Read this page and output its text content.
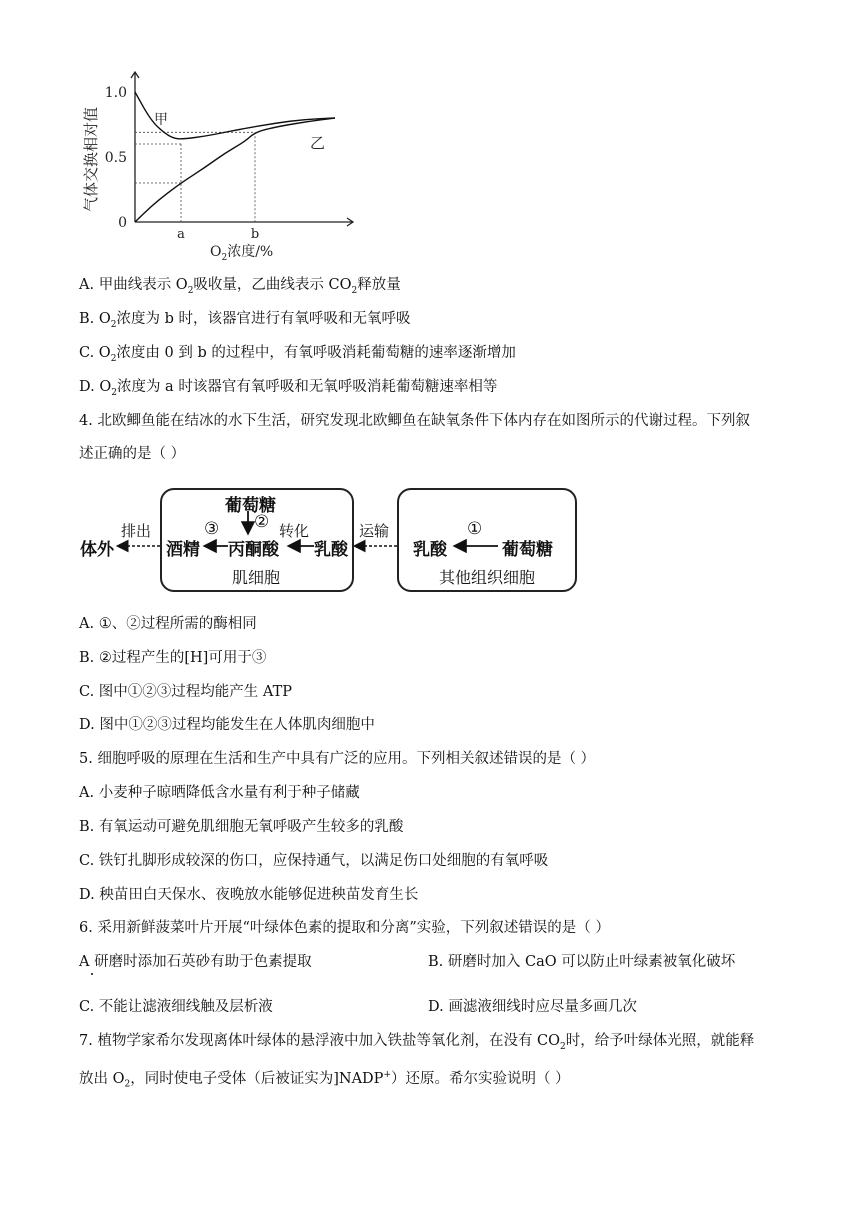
0
0.5
1.0
甲
乙
a	b
$O_2$浓度/%
气体交换相对值
A. 甲曲线表示 $O_2$吸收量，乙曲线表示 $CO_2$释放量
B. $O_2$浓度为 b 时，该器官进行有氧呼吸和无氧呼吸
C. $O_2$浓度由 0 到 b 的过程中，有氧呼吸消耗葡萄糖的速率逐渐增加
D. $O_2$浓度为 a 时该器官有氧呼吸和无氧呼吸消耗葡萄糖速率相等
4. 北欧鲫鱼能在结冰的水下生活，研究发现北欧鲫鱼在缺氧条件下体内存在如图所示的代谢过程。下列叙
述正确的是（ ）
体外
排出
酒精
③
丙酮酸
葡萄糖
② 转化
乳酸
肌细胞
运输
乳酸
①
葡萄糖
其他组织细胞
A. ①、②过程所需的酶相同
B. ②过程产生的[H]可用于③
C. 图中①②③过程均能产生 ATP
D. 图中①②③过程均能发生在人体肌肉细胞中
5. 细胞呼吸的原理在生活和生产中具有广泛的应用。下列相关叙述错误的是（ ）
A. 小麦种子晾晒降低含水量有利于种子储藏
B. 有氧运动可避免肌细胞无氧呼吸产生较多的乳酸
C. 铁钉扎脚形成较深的伤口，应保持通气，以满足伤口处细胞的有氧呼吸
D. 秧苗田白天保水、夜晚放水能够促进秧苗发育生长
6. 采用新鲜菠菜叶片开展“叶绿体色素的提取和分离”实验，下列叙述错误的是（ ）
A 研磨时添加石英砂有助于色素提取	B. 研磨时加入 CaO 可以防止叶绿素被氧化破坏
C. 不能让滤液细线触及层析液	D. 画滤液细线时应尽量多画几次
7. 植物学家希尔发现离体叶绿体的悬浮液中加入铁盐等氧化剂，在没有 $CO_2$时，给予叶绿体光照，就能释
放出 $O_2$，同时使电子受体（后被证实为]NADP+）还原。希尔实验说明（ ）
